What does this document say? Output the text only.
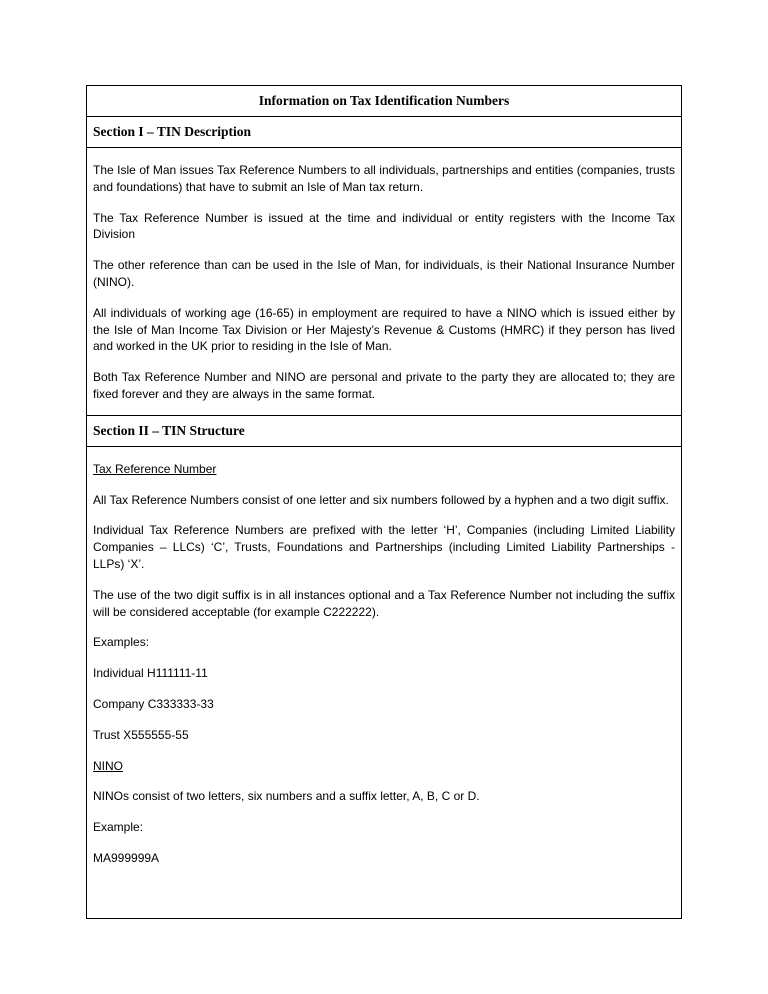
Information on Tax Identification Numbers
Section I – TIN Description

The Isle of Man issues Tax Reference Numbers to all individuals, partnerships and entities (companies, trusts and foundations) that have to submit an Isle of Man tax return.

The Tax Reference Number is issued at the time and individual or entity registers with the Income Tax Division

The other reference than can be used in the Isle of Man, for individuals, is their National Insurance Number (NINO).

All individuals of working age (16-65) in employment are required to have a NINO which is issued either by the Isle of Man Income Tax Division or Her Majesty’s Revenue & Customs (HMRC) if they person has lived and worked in the UK prior to residing in the Isle of Man.

Both Tax Reference Number and NINO are personal and private to the party they are allocated to; they are fixed forever and they are always in the same format.

Section II – TIN Structure

Tax Reference Number

All Tax Reference Numbers consist of one letter and six numbers followed by a hyphen and a two digit suffix.

Individual Tax Reference Numbers are prefixed with the letter ‘H’, Companies (including Limited Liability Companies – LLCs) ‘C’, Trusts, Foundations and Partnerships (including Limited Liability Partnerships - LLPs) ‘X’.

The use of the two digit suffix is in all instances optional and a Tax Reference Number not including the suffix will be considered acceptable (for example C222222).

Examples:

Individual H111111-11

Company C333333-33

Trust X555555-55

NINO

NINOs consist of two letters, six numbers and a suffix letter, A, B, C or D.

Example:

MA999999A
